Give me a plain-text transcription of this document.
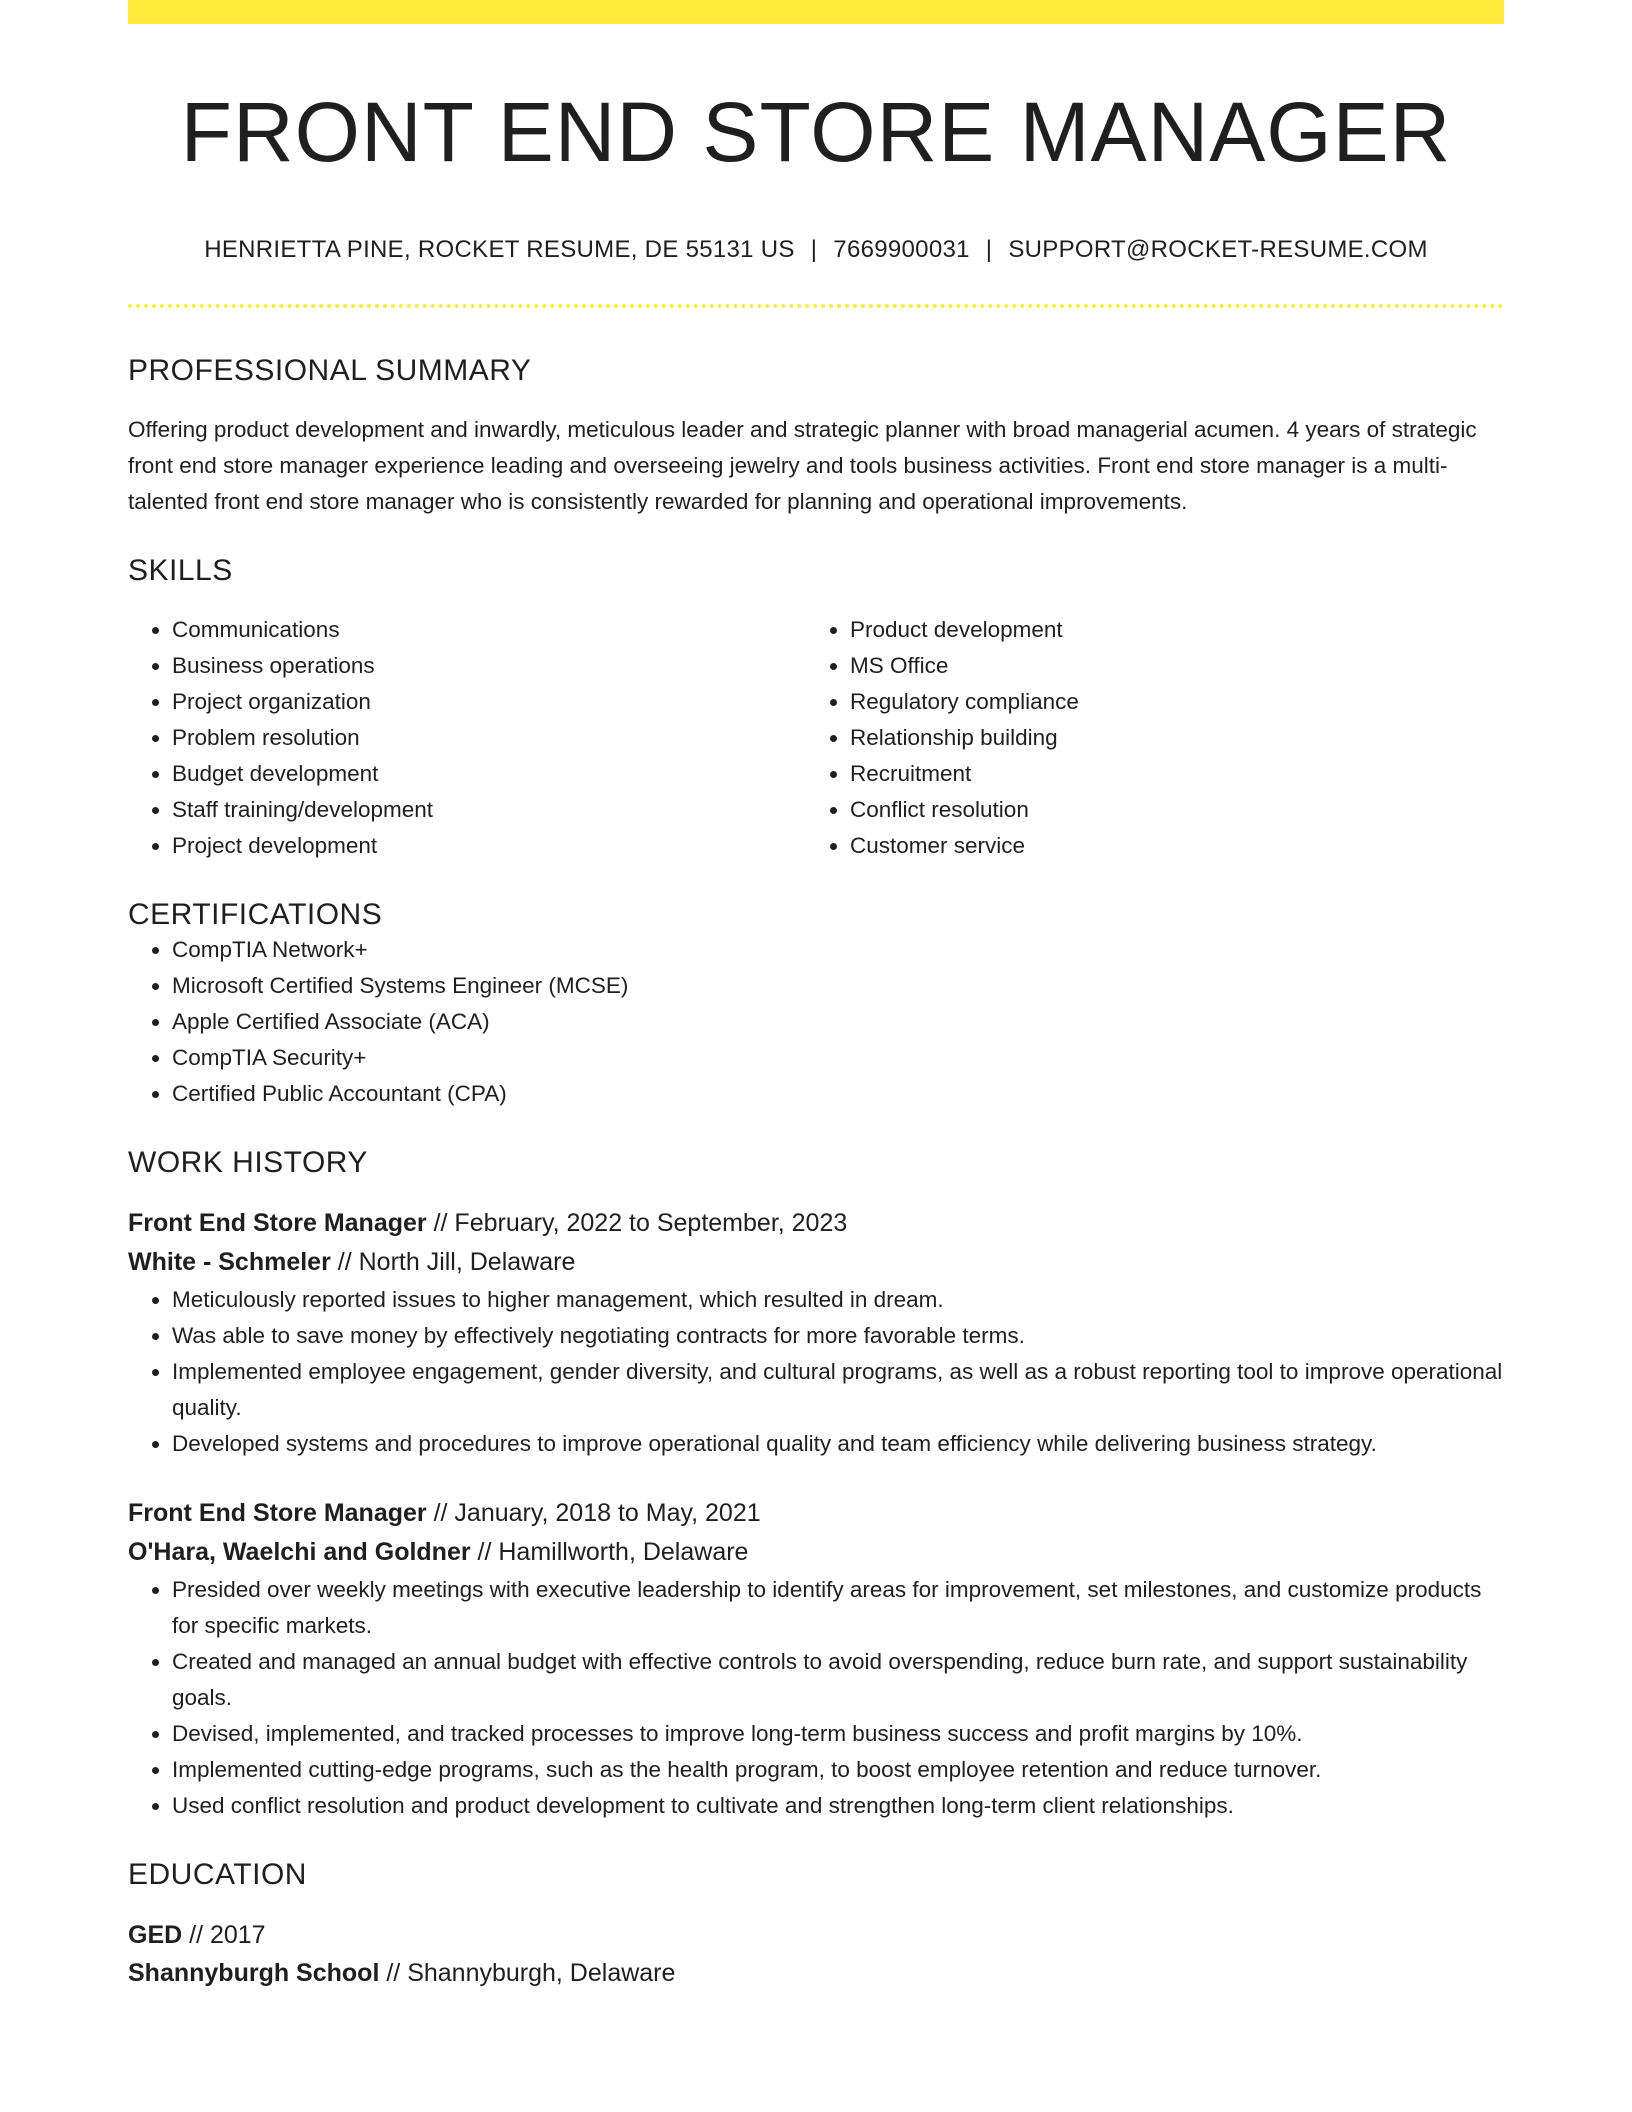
FRONT END STORE MANAGER
HENRIETTA PINE, ROCKET RESUME, DE 55131 US | 7669900031 | SUPPORT@ROCKET-RESUME.COM
PROFESSIONAL SUMMARY

Offering product development and inwardly, meticulous leader and strategic planner with broad managerial acumen. 4 years of strategic front end store manager experience leading and overseeing jewelry and tools business activities. Front end store manager is a multi-talented front end store manager who is consistently rewarded for planning and operational improvements.

SKILLS
• Communications
• Business operations
• Project organization
• Problem resolution
• Budget development
• Staff training/development
• Project development
• Product development
• MS Office
• Regulatory compliance
• Relationship building
• Recruitment
• Conflict resolution
• Customer service
CERTIFICATIONS
• CompTIA Network+
• Microsoft Certified Systems Engineer (MCSE)
• Apple Certified Associate (ACA)
• CompTIA Security+
• Certified Public Accountant (CPA)
WORK HISTORY
Front End Store Manager // February, 2022 to September, 2023
White - Schmeler // North Jill, Delaware
• Meticulously reported issues to higher management, which resulted in dream.
• Was able to save money by effectively negotiating contracts for more favorable terms.
• Implemented employee engagement, gender diversity, and cultural programs, as well as a robust reporting tool to improve operational quality.
• Developed systems and procedures to improve operational quality and team efficiency while delivering business strategy.
Front End Store Manager // January, 2018 to May, 2021
O'Hara, Waelchi and Goldner // Hamillworth, Delaware
• Presided over weekly meetings with executive leadership to identify areas for improvement, set milestones, and customize products for specific markets.
• Created and managed an annual budget with effective controls to avoid overspending, reduce burn rate, and support sustainability goals.
• Devised, implemented, and tracked processes to improve long-term business success and profit margins by 10%.
• Implemented cutting-edge programs, such as the health program, to boost employee retention and reduce turnover.
• Used conflict resolution and product development to cultivate and strengthen long-term client relationships.
EDUCATION
GED // 2017
Shannyburgh School // Shannyburgh, Delaware
